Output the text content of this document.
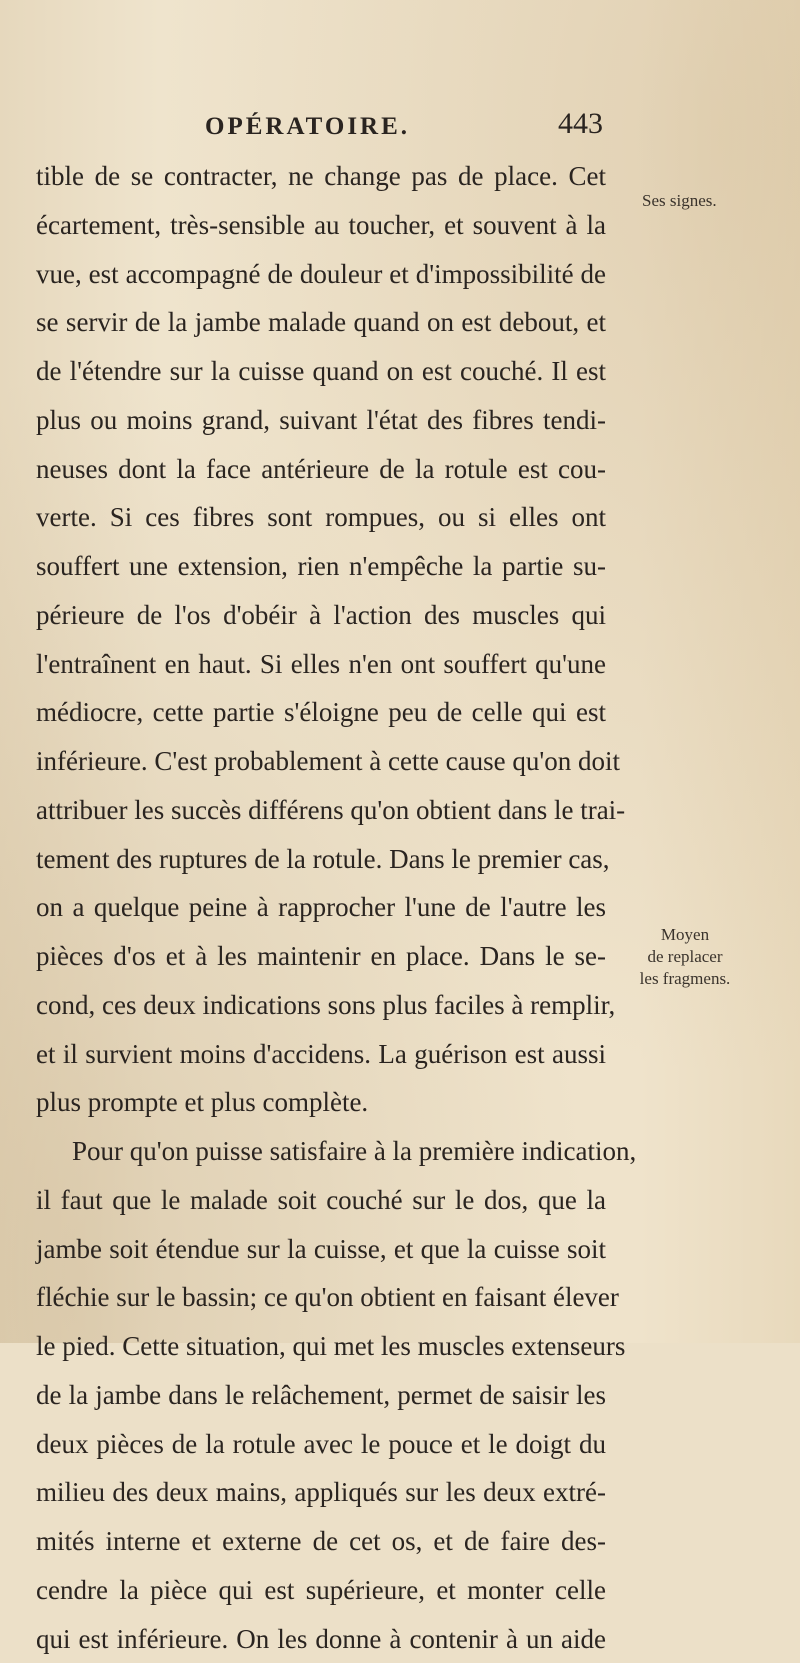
OPÉRATOIRE.	443
tible de se contracter, ne change pas de place. Cet
écartement, très-sensible au toucher, et souvent à la
vue, est accompagné de douleur et d'impossibilité de
se servir de la jambe malade quand on est debout, et
de l'étendre sur la cuisse quand on est couché. Il est
plus ou moins grand, suivant l'état des fibres tendi-
neuses dont la face antérieure de la rotule est cou-
verte. Si ces fibres sont rompues, ou si elles ont
souffert une extension, rien n'empêche la partie su-
périeure de l'os d'obéir à l'action des muscles qui
l'entraînent en haut. Si elles n'en ont souffert qu'une
médiocre, cette partie s'éloigne peu de celle qui est
inférieure. C'est probablement à cette cause qu'on doit
attribuer les succès différens qu'on obtient dans le trai-
tement des ruptures de la rotule. Dans le premier cas,
on a quelque peine à rapprocher l'une de l'autre les
pièces d'os et à les maintenir en place. Dans le se-
cond, ces deux indications sons plus faciles à remplir,
et il survient moins d'accidens. La guérison est aussi
plus prompte et plus complète.
Pour qu'on puisse satisfaire à la première indication,
il faut que le malade soit couché sur le dos, que la
jambe soit étendue sur la cuisse, et que la cuisse soit
fléchie sur le bassin; ce qu'on obtient en faisant élever
le pied. Cette situation, qui met les muscles extenseurs
de la jambe dans le relâchement, permet de saisir les
deux pièces de la rotule avec le pouce et le doigt du
milieu des deux mains, appliqués sur les deux extré-
mités interne et externe de cet os, et de faire des-
cendre la pièce qui est supérieure, et monter celle
qui est inférieure. On les donne à contenir à un aide
Ses signes.
Moyen
de replacer
les fragmens.
